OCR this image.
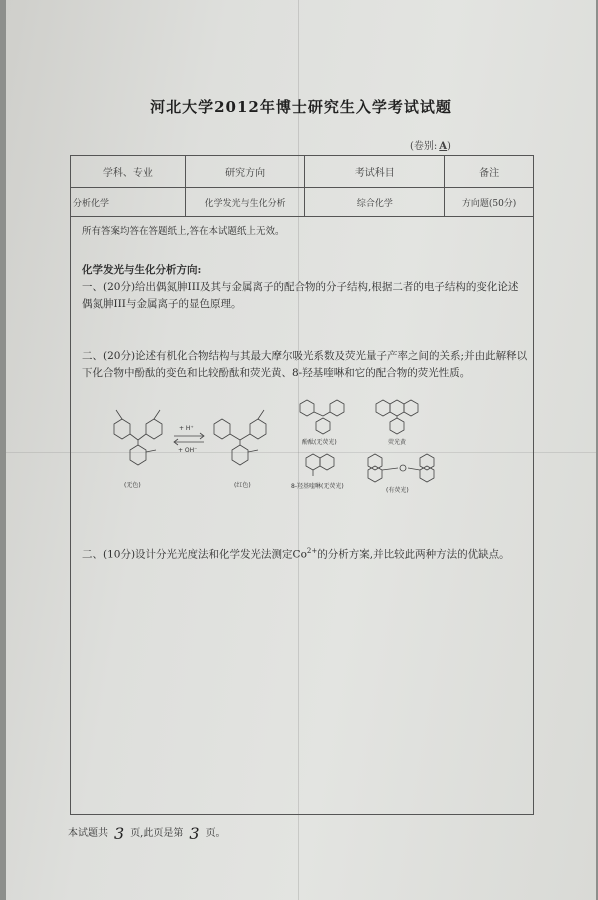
河北大学2012年博士研究生入学考试试题
(卷别: A)
学科、专业	研究方向	考试科目	备注
分析化学	化学发光与生化分析	综合化学	方向题(50分)
所有答案均答在答题纸上,答在本试题纸上无效。
化学发光与生化分析方向:
一、(20分)给出偶氮胂III及其与金属离子的配合物的分子结构,根据二者的电子结构的变化论述偶氮胂III与金属离子的显色原理。
二、(20分)论述有机化合物结构与其最大摩尔吸光系数及荧光量子产率之间的关系;并由此解释以下化合物中酚酞的变色和比较酚酞和荧光黄、8-羟基喹啉和它的配合物的荧光性质。
+ H⁺
+ OH⁻
(无色)	(红色)
酚酞(无荧光)	荧光黄
8-羟基喹啉(无荧光)
(有荧光)
二、(10分)设计分光光度法和化学发光法测定$Co^{2+}$的分析方案,并比较此两种方法的优缺点。
本试题共 3 页,此页是第 3 页。
